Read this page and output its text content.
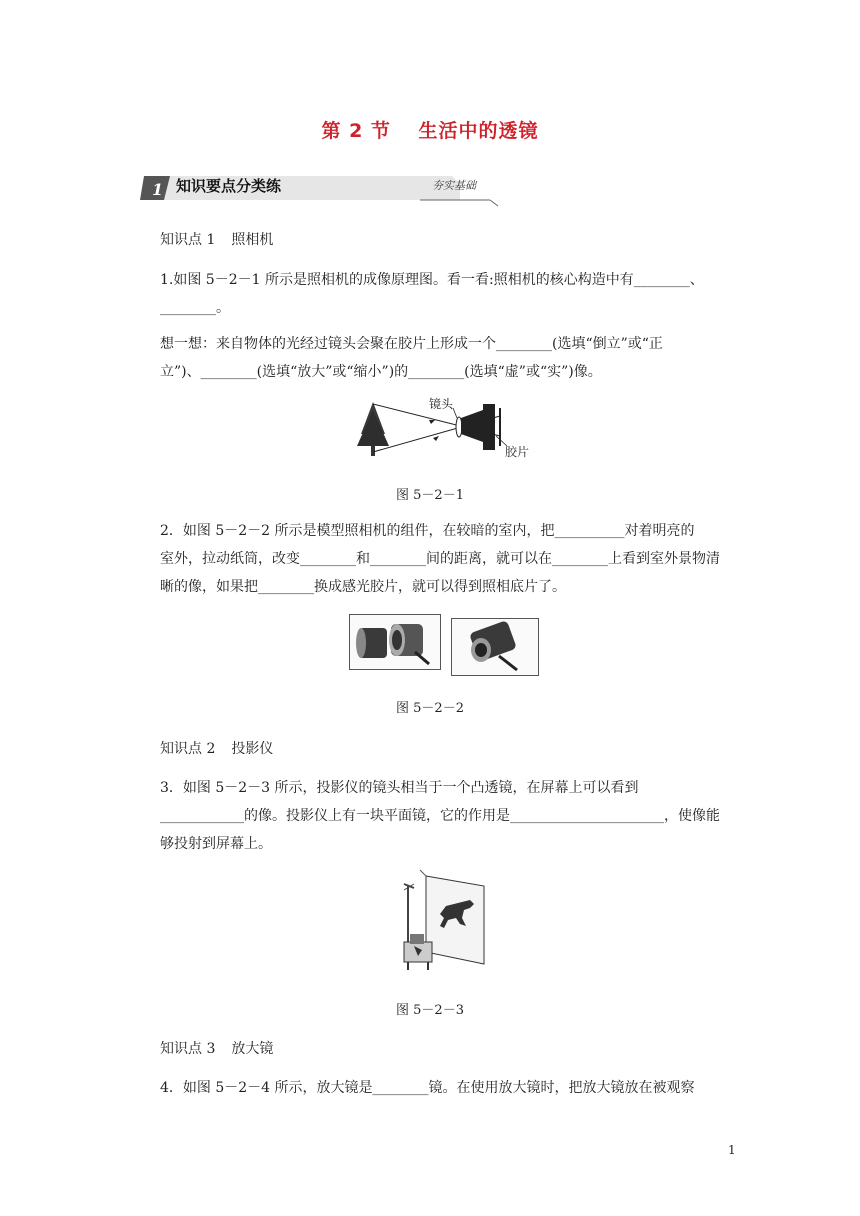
第 2 节 生活中的透镜
1 知识要点分类练	夯实基础
知识点 1 照相机
1.如图 5－2－1 所示是照相机的成像原理图。看一看:照相机的核心构造中有________、
________。
想一想：来自物体的光经过镜头会聚在胶片上形成一个________(选填“倒立”或“正
立”)、________(选填“放大”或“缩小”)的________(选填“虚”或“实”)像。
镜头
胶片
图 5－2－1
2．如图 5－2－2 所示是模型照相机的组件，在较暗的室内，把__________对着明亮的
室外，拉动纸筒，改变________和________间的距离，就可以在________上看到室外景物清
晰的像，如果把________换成感光胶片，就可以得到照相底片了。
图 5－2－2
知识点 2 投影仪
3．如图 5－2－3 所示，投影仪的镜头相当于一个凸透镜，在屏幕上可以看到
____________的像。投影仪上有一块平面镜，它的作用是______________________，使像能
够投射到屏幕上。
图 5－2－3
知识点 3 放大镜
4．如图 5－2－4 所示，放大镜是________镜。在使用放大镜时，把放大镜放在被观察
1
